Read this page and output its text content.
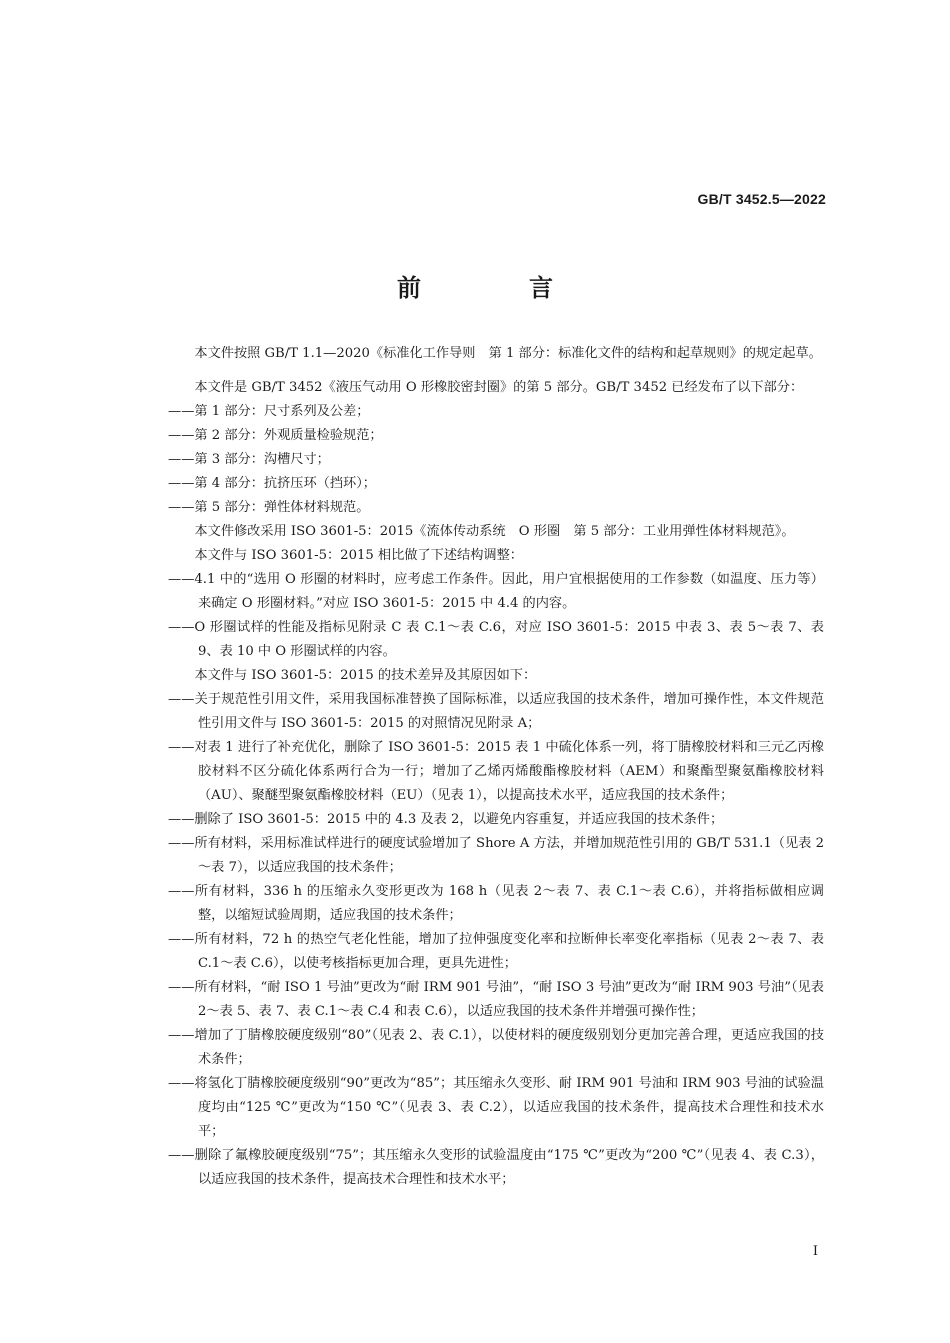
GB/T 3452.5—2022
前　言

本文件按照 GB/T 1.1—2020《标准化工作导则　第 1 部分：标准化文件的结构和起草规则》的规定起草。

本文件是 GB/T 3452《液压气动用 O 形橡胶密封圈》的第 5 部分。GB/T 3452 已经发布了以下部分：

——第 1 部分：尺寸系列及公差；

——第 2 部分：外观质量检验规范；

——第 3 部分：沟槽尺寸；

——第 4 部分：抗挤压环（挡环）；

——第 5 部分：弹性体材料规范。

本文件修改采用 ISO 3601-5：2015《流体传动系统　O 形圈　第 5 部分：工业用弹性体材料规范》。

本文件与 ISO 3601-5：2015 相比做了下述结构调整：

——4.1 中的“选用 O 形圈的材料时，应考虑工作条件。因此，用户宜根据使用的工作参数（如温度、压力等）来确定 O 形圈材料。”对应 ISO 3601-5：2015 中 4.4 的内容。

——O 形圈试样的性能及指标见附录 C 表 C.1～表 C.6，对应 ISO 3601-5：2015 中表 3、表 5～表 7、表 9、表 10 中 O 形圈试样的内容。

本文件与 ISO 3601-5：2015 的技术差异及其原因如下：

——关于规范性引用文件，采用我国标准替换了国际标准，以适应我国的技术条件，增加可操作性，本文件规范性引用文件与 ISO 3601-5：2015 的对照情况见附录 A；

——对表 1 进行了补充优化，删除了 ISO 3601-5：2015 表 1 中硫化体系一列，将丁腈橡胶材料和三元乙丙橡胶材料不区分硫化体系两行合为一行；增加了乙烯丙烯酸酯橡胶材料（AEM）和聚酯型聚氨酯橡胶材料（AU）、聚醚型聚氨酯橡胶材料（EU）（见表 1），以提高技术水平，适应我国的技术条件；

——删除了 ISO 3601-5：2015 中的 4.3 及表 2，以避免内容重复，并适应我国的技术条件；

——所有材料，采用标准试样进行的硬度试验增加了 Shore A 方法，并增加规范性引用的 GB/T 531.1（见表 2～表 7），以适应我国的技术条件；

——所有材料，336 h 的压缩永久变形更改为 168 h（见表 2～表 7、表 C.1～表 C.6），并将指标做相应调整，以缩短试验周期，适应我国的技术条件；

——所有材料，72 h 的热空气老化性能，增加了拉伸强度变化率和拉断伸长率变化率指标（见表 2～表 7、表 C.1～表 C.6），以使考核指标更加合理，更具先进性；

——所有材料，“耐 ISO 1 号油”更改为“耐 IRM 901 号油”，“耐 ISO 3 号油”更改为“耐 IRM 903 号油”（见表 2～表 5、表 7、表 C.1～表 C.4 和表 C.6），以适应我国的技术条件并增强可操作性；

——增加了丁腈橡胶硬度级别“80”（见表 2、表 C.1），以使材料的硬度级别划分更加完善合理，更适应我国的技术条件；

——将氢化丁腈橡胶硬度级别“90”更改为“85”；其压缩永久变形、耐 IRM 901 号油和 IRM 903 号油的试验温度均由“125 ℃”更改为“150 ℃”（见表 3、表 C.2），以适应我国的技术条件，提高技术合理性和技术水平；

——删除了氟橡胶硬度级别“75”；其压缩永久变形的试验温度由“175 ℃”更改为“200 ℃”（见表 4、表 C.3），以适应我国的技术条件，提高技术合理性和技术水平；

I
